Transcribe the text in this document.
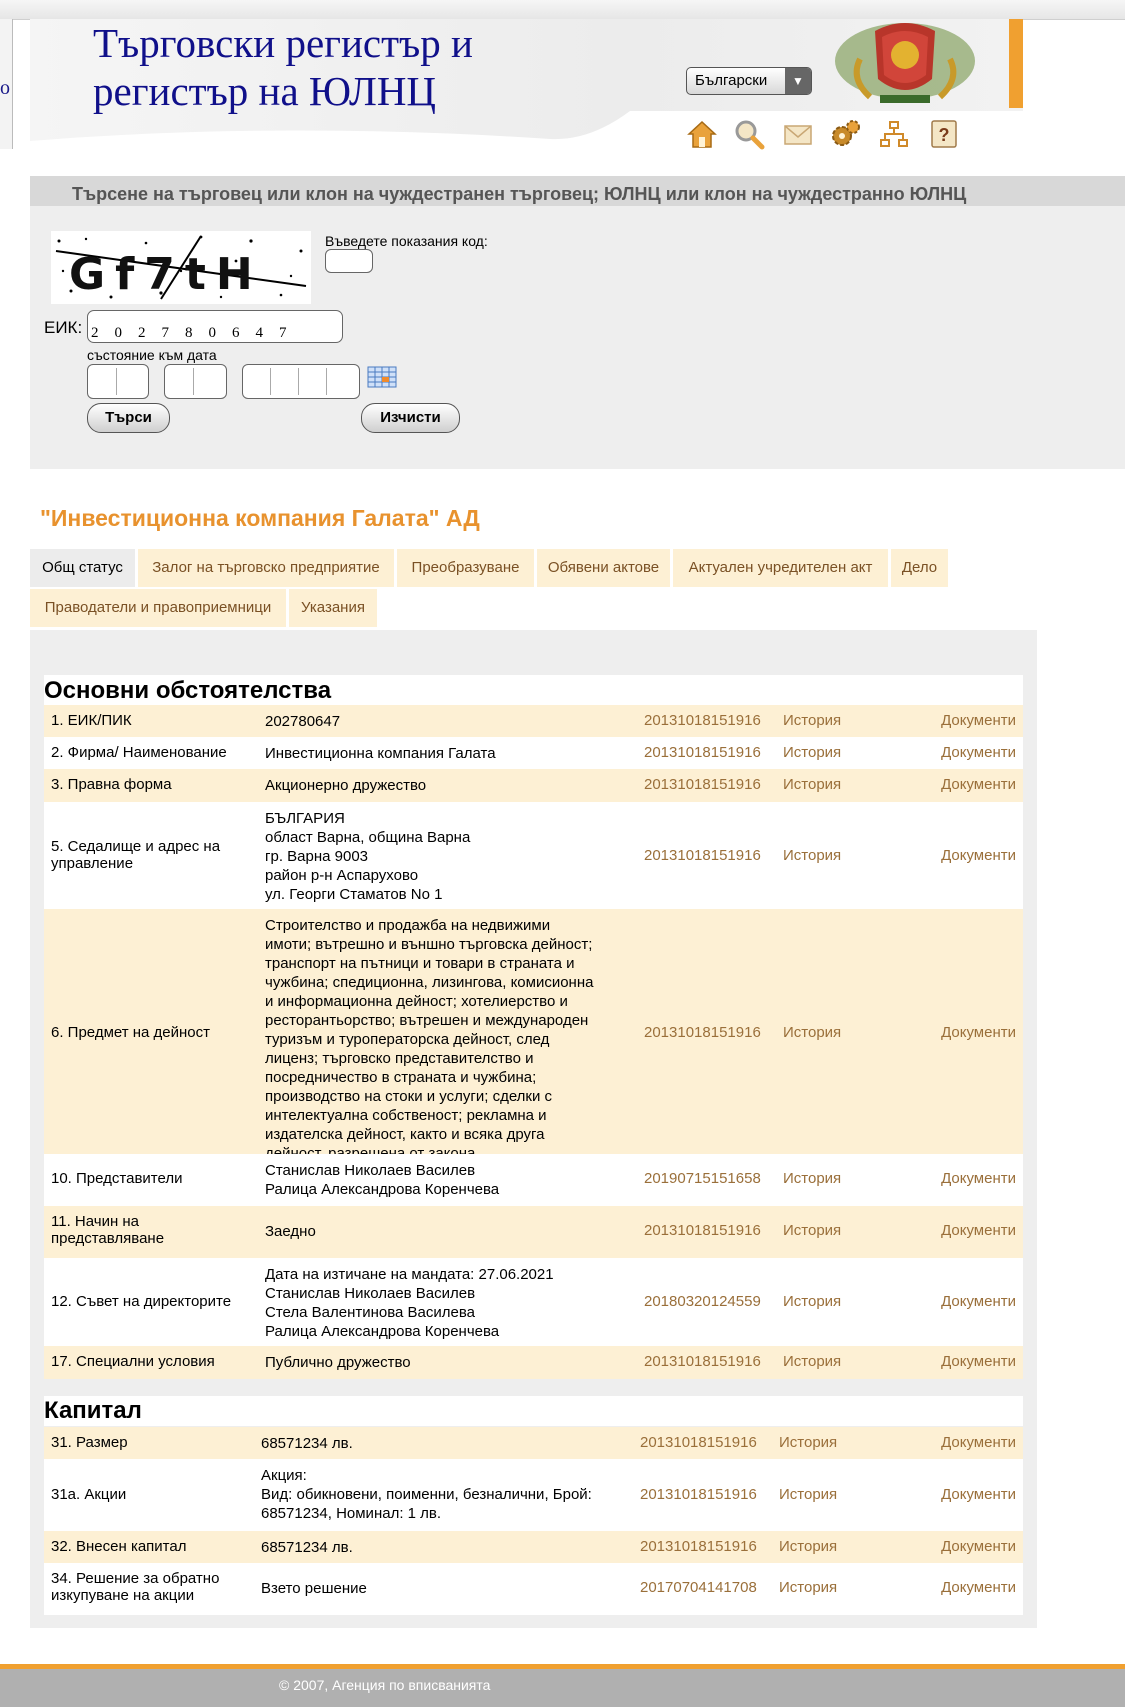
o
Търговски регистър и
регистър на ЮЛНЦ	Български	▼
?
Търсене на търговец или клон на чуждестранен търговец; ЮЛНЦ или клон на чуждестранно ЮЛНЦ
Gf7tH
Въведете показания код:
ЕИК: 202780647
състояние към дата
Търси	Изчисти
"Инвестиционна компания Галата" АД
Общ статус	Залог на търговско предприятие	Преобразуване	Обявени актове	Актуален учредителен акт	Дело
Праводатели и правоприемници	Указания
Основни обстоятелства
Капитал
1. ЕИК/ПИК	202780647	20131018151916 История	Документи
2. Фирма/ Наименование	Инвестиционна компания Галата	20131018151916 История	Документи
3. Правна форма	Акционерно дружество	20131018151916 История	Документи
5. Седалище и адрес на управление
БЪЛГАРИЯ
област Варна, община Варна
гр. Варна 9003
район р-н Аспарухово
ул. Георги Стаматов No 1
20131018151916 История	Документи
6. Предмет на дейност
Строителство и продажба на недвижими
имоти; вътрешно и външно търговска дейност;
транспорт на пътници и товари в страната и
чужбина; спедиционна, лизингова, комисионна
и информационна дейност; хотелиерство и
ресторантьорство; вътрешен и международен
туризъм и туроператорска дейност, след
лиценз; търговско представителство и
посредничество в страната и чужбина;
производство на стоки и услуги; сделки с
интелектуална собственост; рекламна и
издателска дейност, както и всяка друга

20131018151916 История	Документи
10. Представители	Станислав Николаев Василев
Ралица Александрова Коренчева
20190715151658 История	Документи
11. Начин на представляване	Заедно	20131018151916 История	Документи
12. Съвет на директорите
Дата на изтичане на мандата: 27.06.2021
Станислав Николаев Василев
Стела Валентинова Василева
Ралица Александрова Коренчева
20180320124559 История	Документи
17. Специални условия	Публично дружество	20131018151916 История	Документи
31. Размер	68571234 лв.	20131018151916 История	Документи
31а. Акции
Акция:
Вид: обикновени, поименни, безналични, Брой:
68571234, Номинал: 1 лв.
20131018151916 История	Документи
32. Внесен капитал	68571234 лв.	20131018151916 История	Документи
34. Решение за обратно изкупуване на акции	Взето решение	20170704141708 История	Документи
© 2007, Агенция по вписванията
